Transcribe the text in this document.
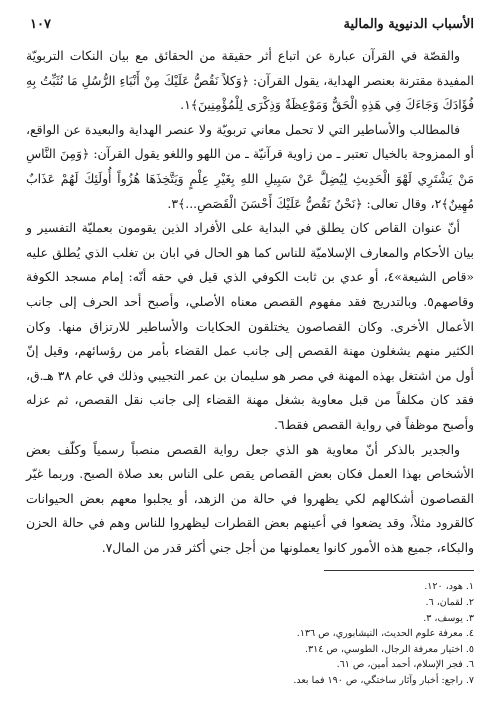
الأسباب الدنيوية والمالية
١٠٧

والقصّة في القرآن عبارة عن اتباع أثر حقيقة من الحقائق مع بيان النكات التربويّة المفيدة مقترنة بعنصر الهداية، يقول القرآن: ﴿وَكلاً نَقُصُّ عَلَيْكَ مِنْ أَنْبَاءِ الرُّسُلِ مَا نُثَبِّتُ بِهِ فُؤَادَكَ وَجَاءَكَ فِي هَذِهِ الْحَقُّ وَمَوْعِظَةٌ وَذِكْرَى لِلْمُؤْمِنِينَ﴾١.

فالمطالب والأساطير التي لا تحمل معاني تربويّة ولا عنصر الهداية والبعيدة عن الواقع، أو الممزوجة بالخيال تعتبر ـ من زاوية قرآنيّة ـ من اللهو واللغو يقول القرآن: ﴿وَمِنَ النَّاسِ مَنْ يَشْتَرِي لَهْوَ الْحَدِيثِ لِيُضِلَّ عَنْ سَبِيلِ اللهِ بِغَيْرِ عِلْمٍ وَيَتَّخِذَهَا هُزُواً أُولَئِكَ لَهُمْ عَذَابٌ مُهِينٌ﴾٢، وقال تعالى: ﴿نَحْنُ نَقُصُّ عَلَيْكَ أَحْسَنَ الْقَصَصِ...﴾٣.

أنّ عنوان القاص كان يطلق في البداية على الأفراد الذين يقومون بعمليّة التفسير و بيان الأحكام والمعارف الإسلاميّة للناس كما هو الحال في ابان بن تغلب الذي يُطلق عليه «قاص الشيعة»٤، أو عدي بن ثابت الكوفي الذي قيل في حقه أنّه: إمام مسجد الكوفة وقاصهم٥. وبالتدريج فقد مفهوم القصص معناه الأصلي، وأصبح أحد الحرف إلى جانب الأعمال الأخرى. وكان القصاصون يختلقون الحكايات والأساطير للارتزاق منها. وكان الكثير منهم يشغلون مهنة القصص إلى جانب عمل القضاء بأمر من رؤسائهم، وقيل إنّ أول من اشتغل بهذه المهنة في مصر هو سليمان بن عمر التجيبي وذلك في عام ٣٨ هـ.ق، فقد كان مكلفاً من قبل معاوية بشغل مهنة القضاء إلى جانب نقل القصص، ثم عزله وأصبح موظفاً في رواية القصص فقط٦.

والجدير بالذكر أنّ معاوية هو الذي جعل رواية القصص منصباً رسمياً وكلّف بعض الأشخاص بهذا العمل فكان بعض القصاص يقص على الناس بعد صلاة الصبح. وربما غيّر القصاصون أشكالهم لكي يظهروا في حالة من الزهد، أو يجلبوا معهم بعض الحيوانات كالقرود مثلاً، وقد يضعوا في أعينهم بعض القطرات ليظهروا للناس وهم في حالة الحزن والبكاء، جميع هذه الأمور كانوا يعملونها من أجل جني أكثر قدر من المال٧.

١. هود، ١٢٠.
٢. لقمان، ٦.
٣. يوسف، ٣.
٤. معرفة علوم الحديث، النيشابوري، ص ١٣٦.
٥. اختيار معرفة الرجال، الطوسي، ص ٣١٤.
٦. فجر الإسلام، أحمد أمين، ص ٦١.
٧. راجع: أخبار وآثار ساختگي، ص ١٩٠ فما بعد.
